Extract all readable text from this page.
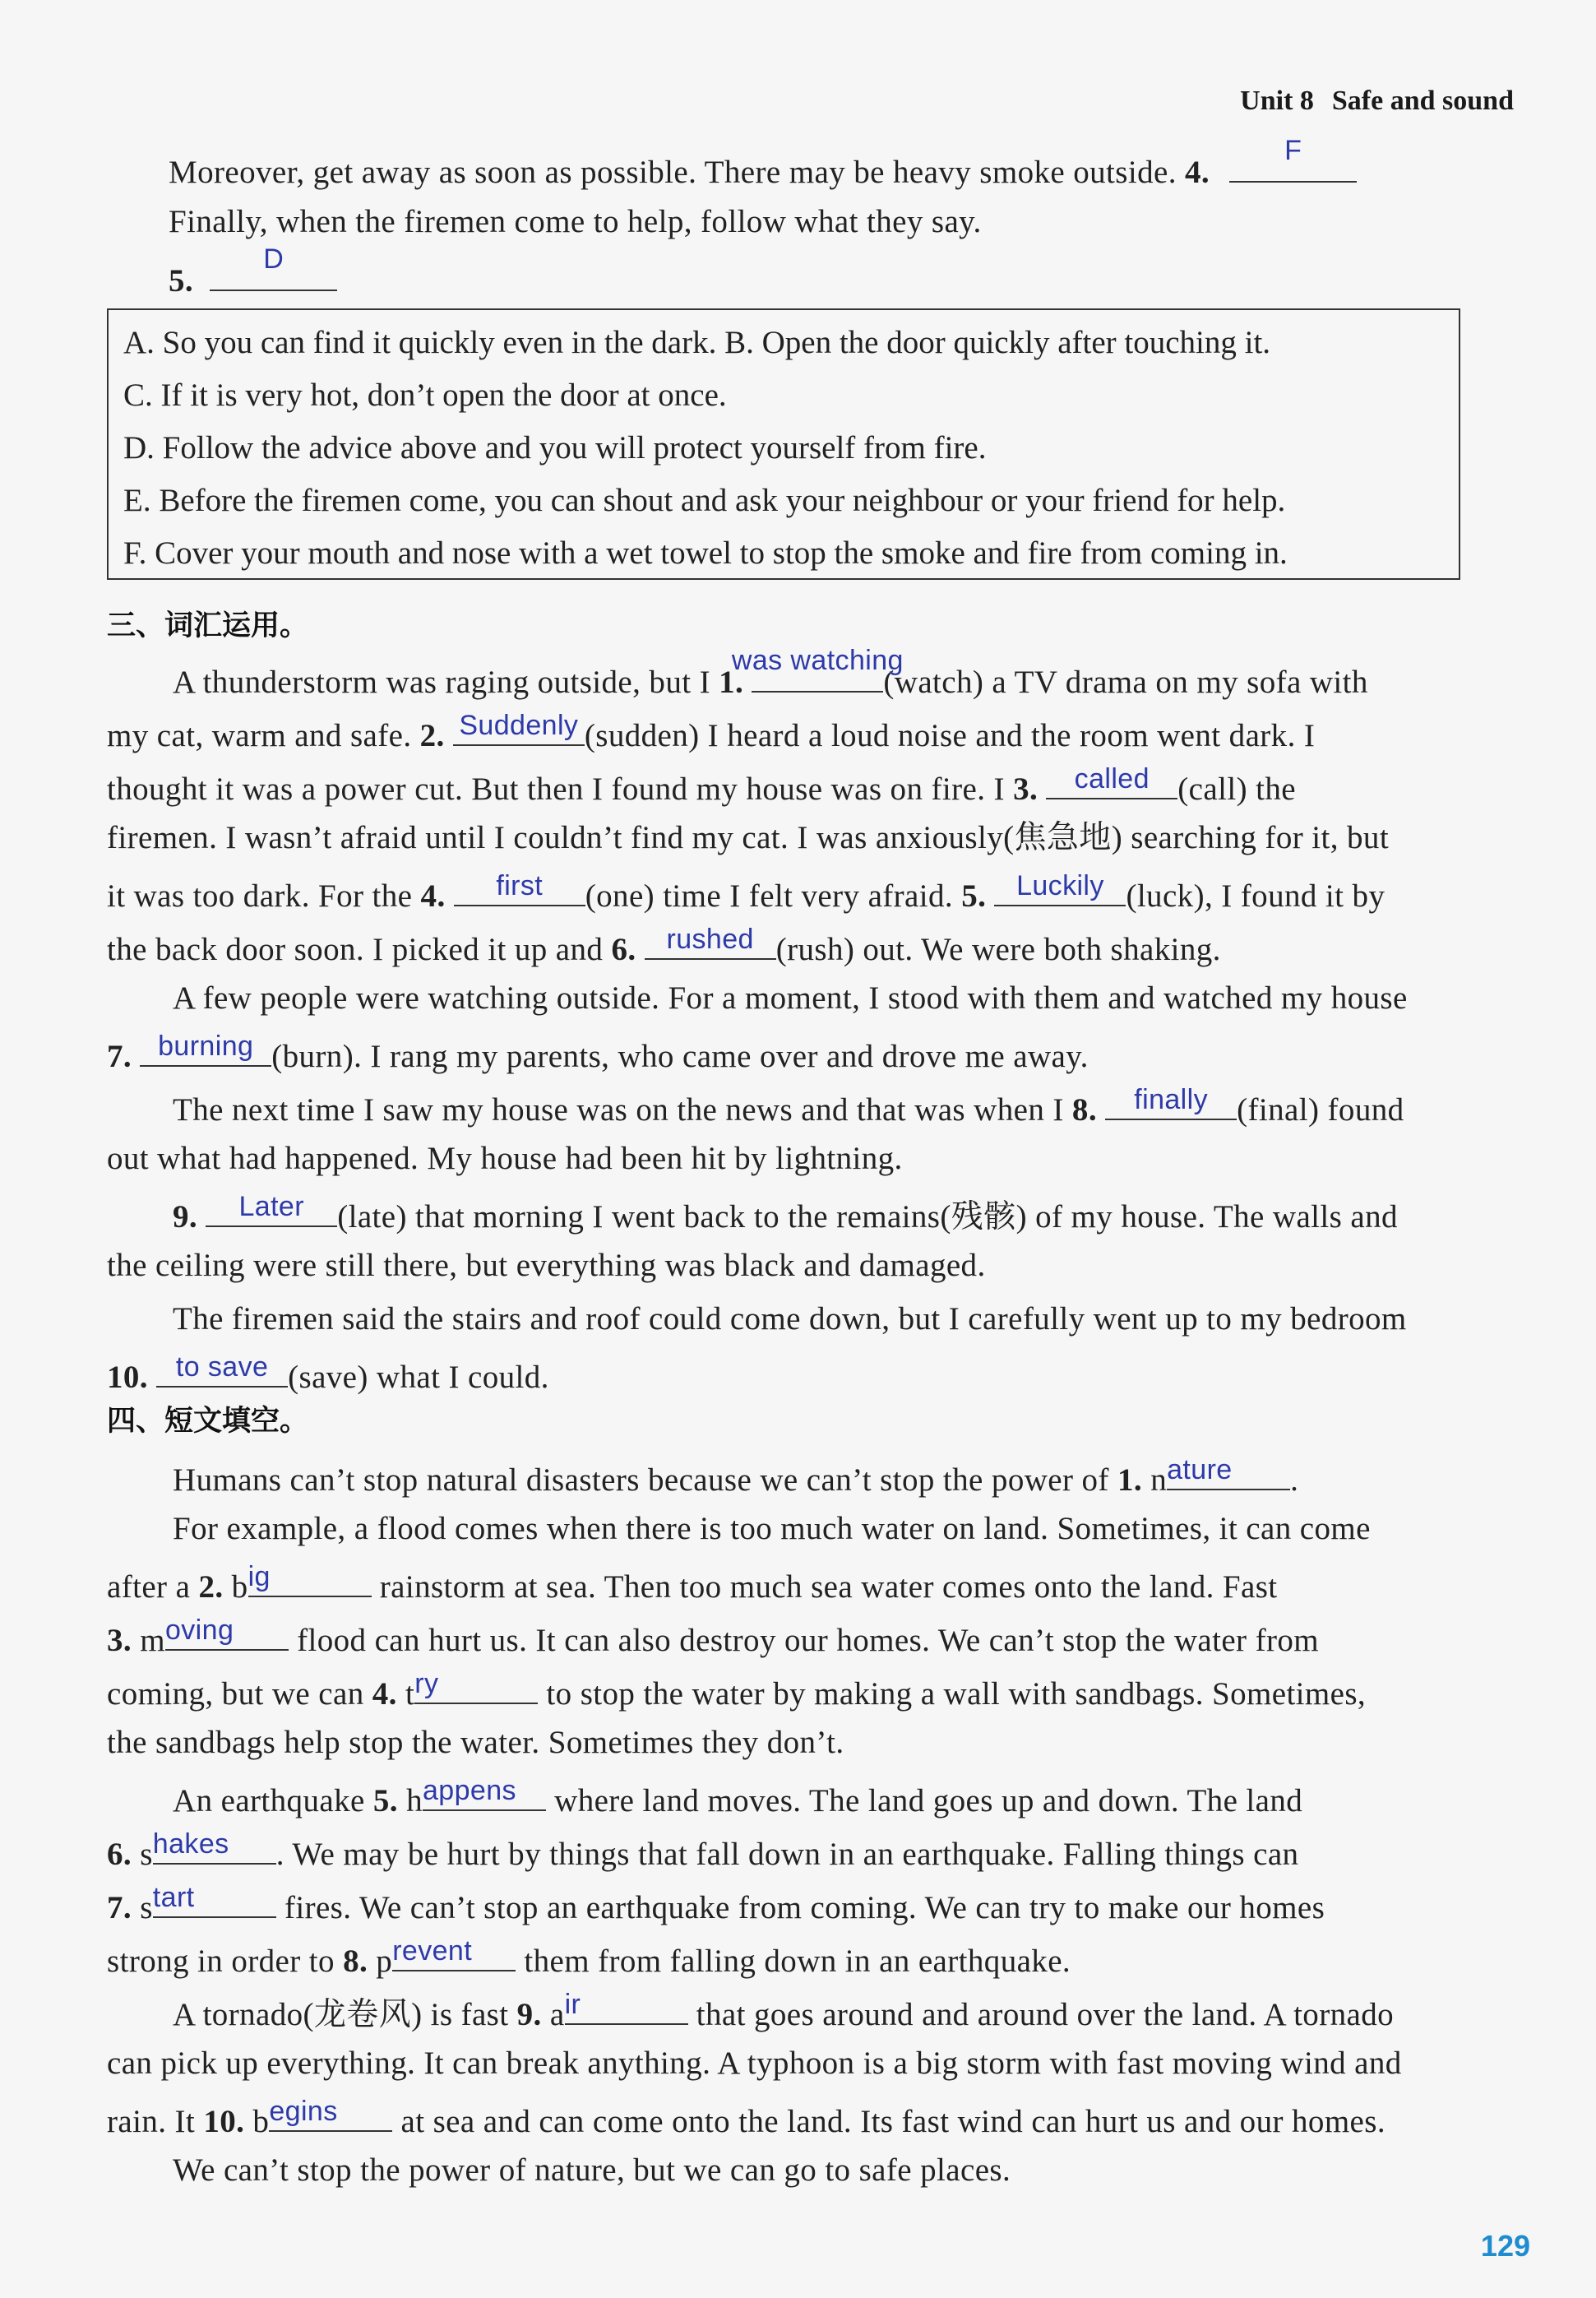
Unit 8 Safe and sound
Moreover, get away as soon as possible. There may be heavy smoke outside. 4.
F
Finally, when the firemen come to help, follow what they say.
5.
D
A. So you can find it quickly even in the dark. B. Open the door quickly after touching it.
C. If it is very hot, don’t open the door at once.
D. Follow the advice above and you will protect yourself from fire.
E. Before the firemen come, you can shout and ask your neighbour or your friend for help.
F. Cover your mouth and nose with a wet towel to stop the smoke and fire from coming in.
三、词汇运用。
A thunderstorm was raging outside, but I 1.
was watching
(watch) a TV drama on my sofa with
my cat, warm and safe. 2. Suddenly (sudden) I heard a loud noise and the room went dark. I
thought it was a power cut. But then I found my house was on fire. I 3.	called (call) the
firemen. I wasn’t afraid until I couldn’t find my cat. I was anxiously(焦急地) searching for it, but
it was too dark. For the 4.	first	(one) time I felt very afraid. 5.	Luckily (luck), I found it by
the back door soon. I picked it up and 6.	rushed (rush) out. We were both shaking.
A few people were watching outside. For a moment, I stood with them and watched my house
7. burning (burn). I rang my parents, who came over and drove me away.
The next time I saw my house was on the news and that was when I 8.	finally (final) found
out what had happened. My house had been hit by lightning.
9.	Later	(late) that morning I went back to the remains(残骸) of my house. The walls and
the ceiling were still there, but everything was black and damaged.
The firemen said the stairs and roof could come down, but I carefully went up to my bedroom
10. to save (save) what I could.
四、短文填空。
Humans can’t stop natural disasters because we can’t stop the power of 1. n ature	.
For example, a flood comes when there is too much water on land. Sometimes, it can come
after a 2. b ig	rainstorm at sea. Then too much sea water comes onto the land. Fast
3. m oving	flood can hurt us. It can also destroy our homes. We can’t stop the water from
coming, but we can 4. t ry	to stop the water by making a wall with sandbags. Sometimes,
the sandbags help stop the water. Sometimes they don’t.
An earthquake 5. h appens	where land moves. The land goes up and down. The land
6. s hakes	. We may be hurt by things that fall down in an earthquake. Falling things can
7. s tart	fires. We can’t stop an earthquake from coming. We can try to make our homes
strong in order to 8. p revent	them from falling down in an earthquake.
A tornado(龙卷风) is fast 9. a ir	that goes around and around over the land. A tornado
can pick up everything. It can break anything. A typhoon is a big storm with fast moving wind and
rain. It 10. b egins	at sea and can come onto the land. Its fast wind can hurt us and our homes.
We can’t stop the power of nature, but we can go to safe places.
129
